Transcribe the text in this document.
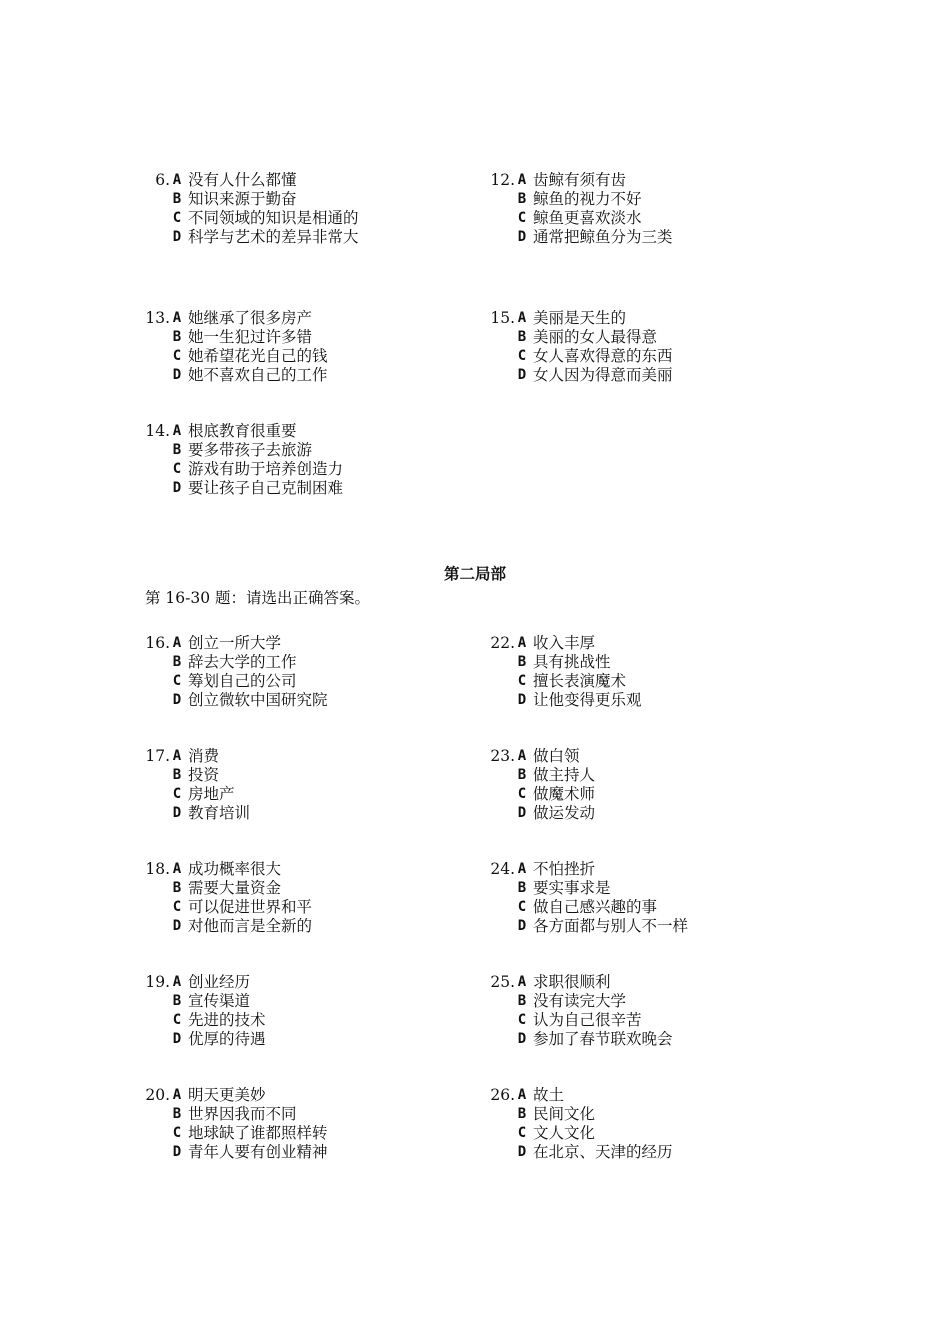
第二局部
第 16-30 题：请选出正确答案。
6. A 没有人什么都懂
B 知识来源于勤奋
C 不同领域的知识是相通的
D 科学与艺术的差异非常大
12. A 齿鲸有须有齿
B 鲸鱼的视力不好
C 鲸鱼更喜欢淡水
D 通常把鲸鱼分为三类
13. A 她继承了很多房产
B 她一生犯过许多错
C 她希望花光自己的钱
D 她不喜欢自己的工作
15. A 美丽是天生的
B 美丽的女人最得意
C 女人喜欢得意的东西
D 女人因为得意而美丽
14. A 根底教育很重要
B 要多带孩子去旅游
C 游戏有助于培养创造力
D 要让孩子自己克制困难
16. A 创立一所大学
B 辞去大学的工作
C 筹划自己的公司
D 创立微软中国研究院
22. A 收入丰厚
B 具有挑战性
C 擅长表演魔术
D 让他变得更乐观
17. A 消费
B 投资
C 房地产
D 教育培训
23. A 做白领
B 做主持人
C 做魔术师
D 做运发动
18. A 成功概率很大
B 需要大量资金
C 可以促进世界和平
D 对他而言是全新的
24. A 不怕挫折
B 要实事求是
C 做自己感兴趣的事
D 各方面都与别人不一样
19. A 创业经历
B 宣传渠道
C 先进的技术
D 优厚的待遇
25. A 求职很顺利
B 没有读完大学
C 认为自己很辛苦
D 参加了春节联欢晚会
20. A 明天更美妙
B 世界因我而不同
C 地球缺了谁都照样转
D 青年人要有创业精神
26. A 故土
B 民间文化
C 文人文化
D 在北京、天津的经历
